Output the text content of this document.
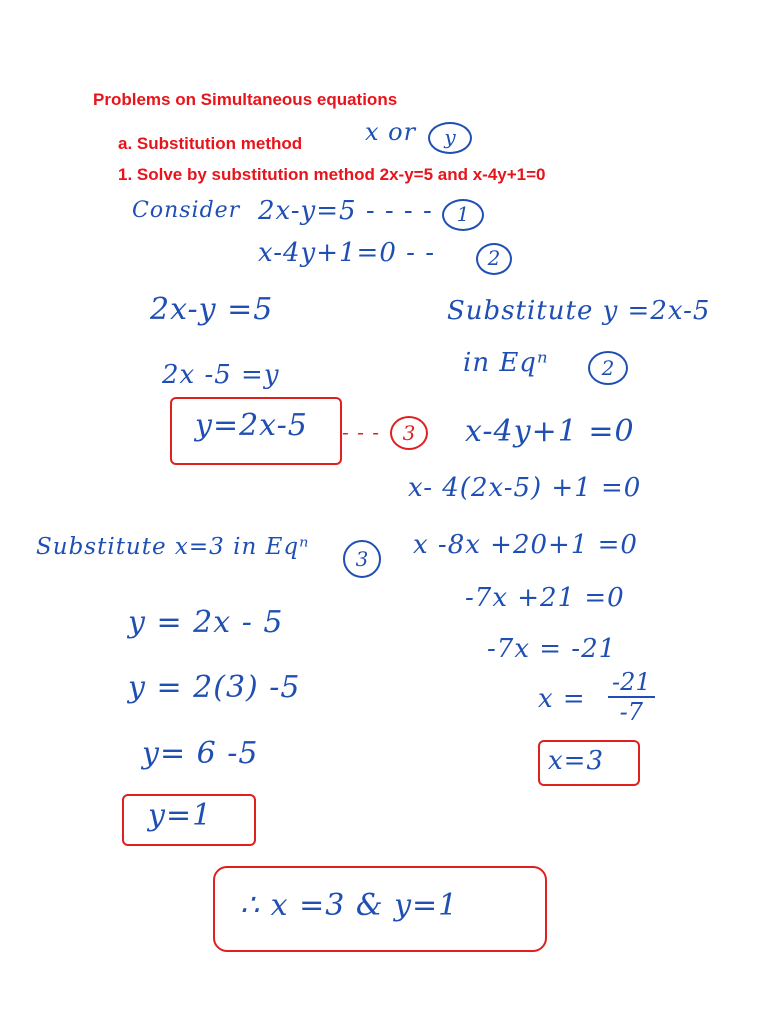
Problems on Simultaneous equations
a. Substitution method
1. Solve by substitution method 2x-y=5 and x-4y+1=0
x or	y
Consider 2x-y=5 - - - -	1
x-4y+1=0 - -	2
2x-y =5
2x -5 =y
y=2x-5 - - -	3
Substitute y =2x-5
in Eqⁿ	2
x-4y+1 =0
x- 4(2x-5) +1 =0
x -8x +20+1 =0
-7x +21 =0
-7x = -21
$x = \frac{-21}{-7}$
x=3
Substitute x=3 in Eqⁿ	3
y = 2x - 5
y = 2(3) -5
y= 6 -5
y=1
∴ x =3 & y=1
